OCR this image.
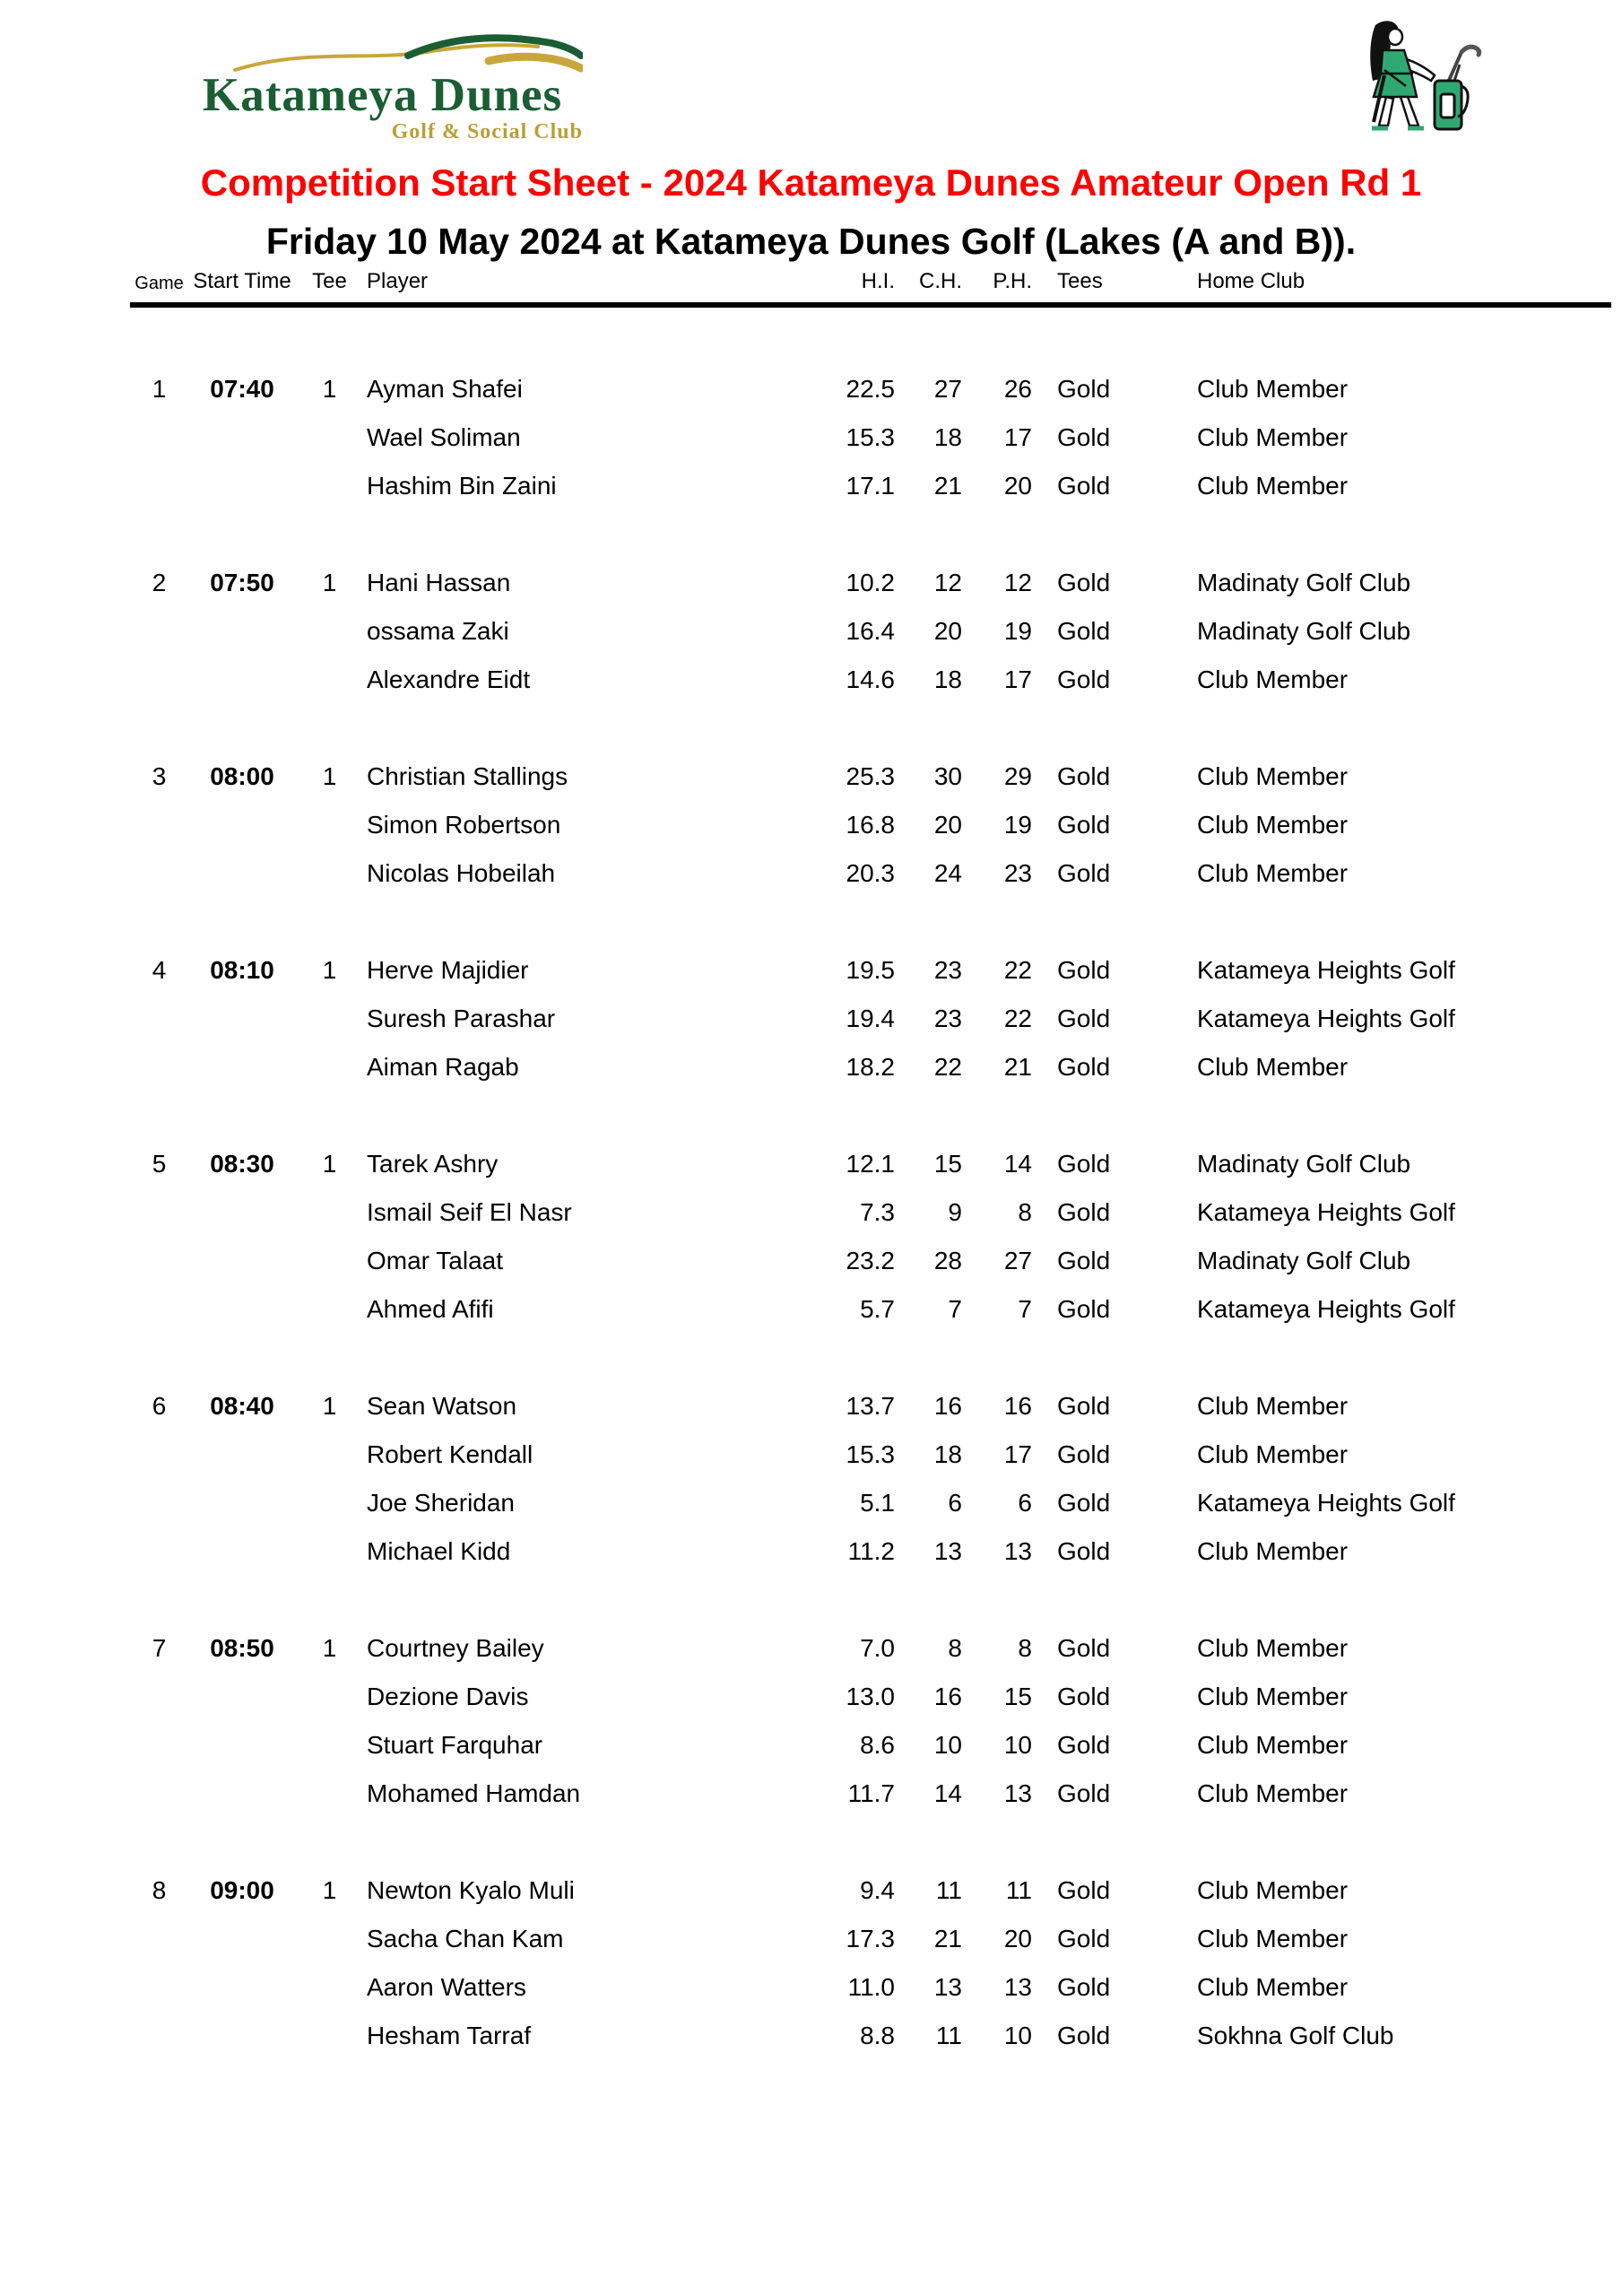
Katameya Dunes
Golf & Social Club
Competition Start Sheet - 2024 Katameya Dunes Amateur Open Rd 1
Friday 10 May 2024 at Katameya Dunes Golf (Lakes (A and B)).
Game Start Time Tee Player	H.I.	C.H.	P.H.	Tees	Home Club
1	07:40	1	Ayman Shafei	22.5	27	26	Gold	Club Member
Wael Soliman	15.3	18	17	Gold	Club Member
Hashim Bin Zaini	17.1	21	20	Gold	Club Member
2	07:50	1	Hani Hassan	10.2	12	12	Gold	Madinaty Golf Club
ossama Zaki	16.4	20	19	Gold	Madinaty Golf Club
Alexandre Eidt	14.6	18	17	Gold	Club Member
3	08:00	1	Christian Stallings	25.3	30	29	Gold	Club Member
Simon Robertson	16.8	20	19	Gold	Club Member
Nicolas Hobeilah	20.3	24	23	Gold	Club Member
4	08:10	1	Herve Majidier	19.5	23	22	Gold	Katameya Heights Golf
Suresh Parashar	19.4	23	22	Gold	Katameya Heights Golf
Aiman Ragab	18.2	22	21	Gold	Club Member
5	08:30	1	Tarek Ashry	12.1	15	14	Gold	Madinaty Golf Club
Ismail Seif El Nasr	7.3	9	8	Gold	Katameya Heights Golf
Omar Talaat	23.2	28	27	Gold	Madinaty Golf Club
Ahmed Afifi	5.7	7	7	Gold	Katameya Heights Golf
6	08:40	1	Sean Watson	13.7	16	16	Gold	Club Member
Robert Kendall	15.3	18	17	Gold	Club Member
Joe Sheridan	5.1	6	6	Gold	Katameya Heights Golf
Michael Kidd	11.2	13	13	Gold	Club Member
7	08:50	1	Courtney Bailey	7.0	8	8	Gold	Club Member
Dezione Davis	13.0	16	15	Gold	Club Member
Stuart Farquhar	8.6	10	10	Gold	Club Member
Mohamed Hamdan	11.7	14	13	Gold	Club Member
8	09:00	1	Newton Kyalo Muli	9.4	11	11	Gold	Club Member
Sacha Chan Kam	17.3	21	20	Gold	Club Member
Aaron Watters	11.0	13	13	Gold	Club Member
Hesham Tarraf	8.8	11	10	Gold	Sokhna Golf Club
